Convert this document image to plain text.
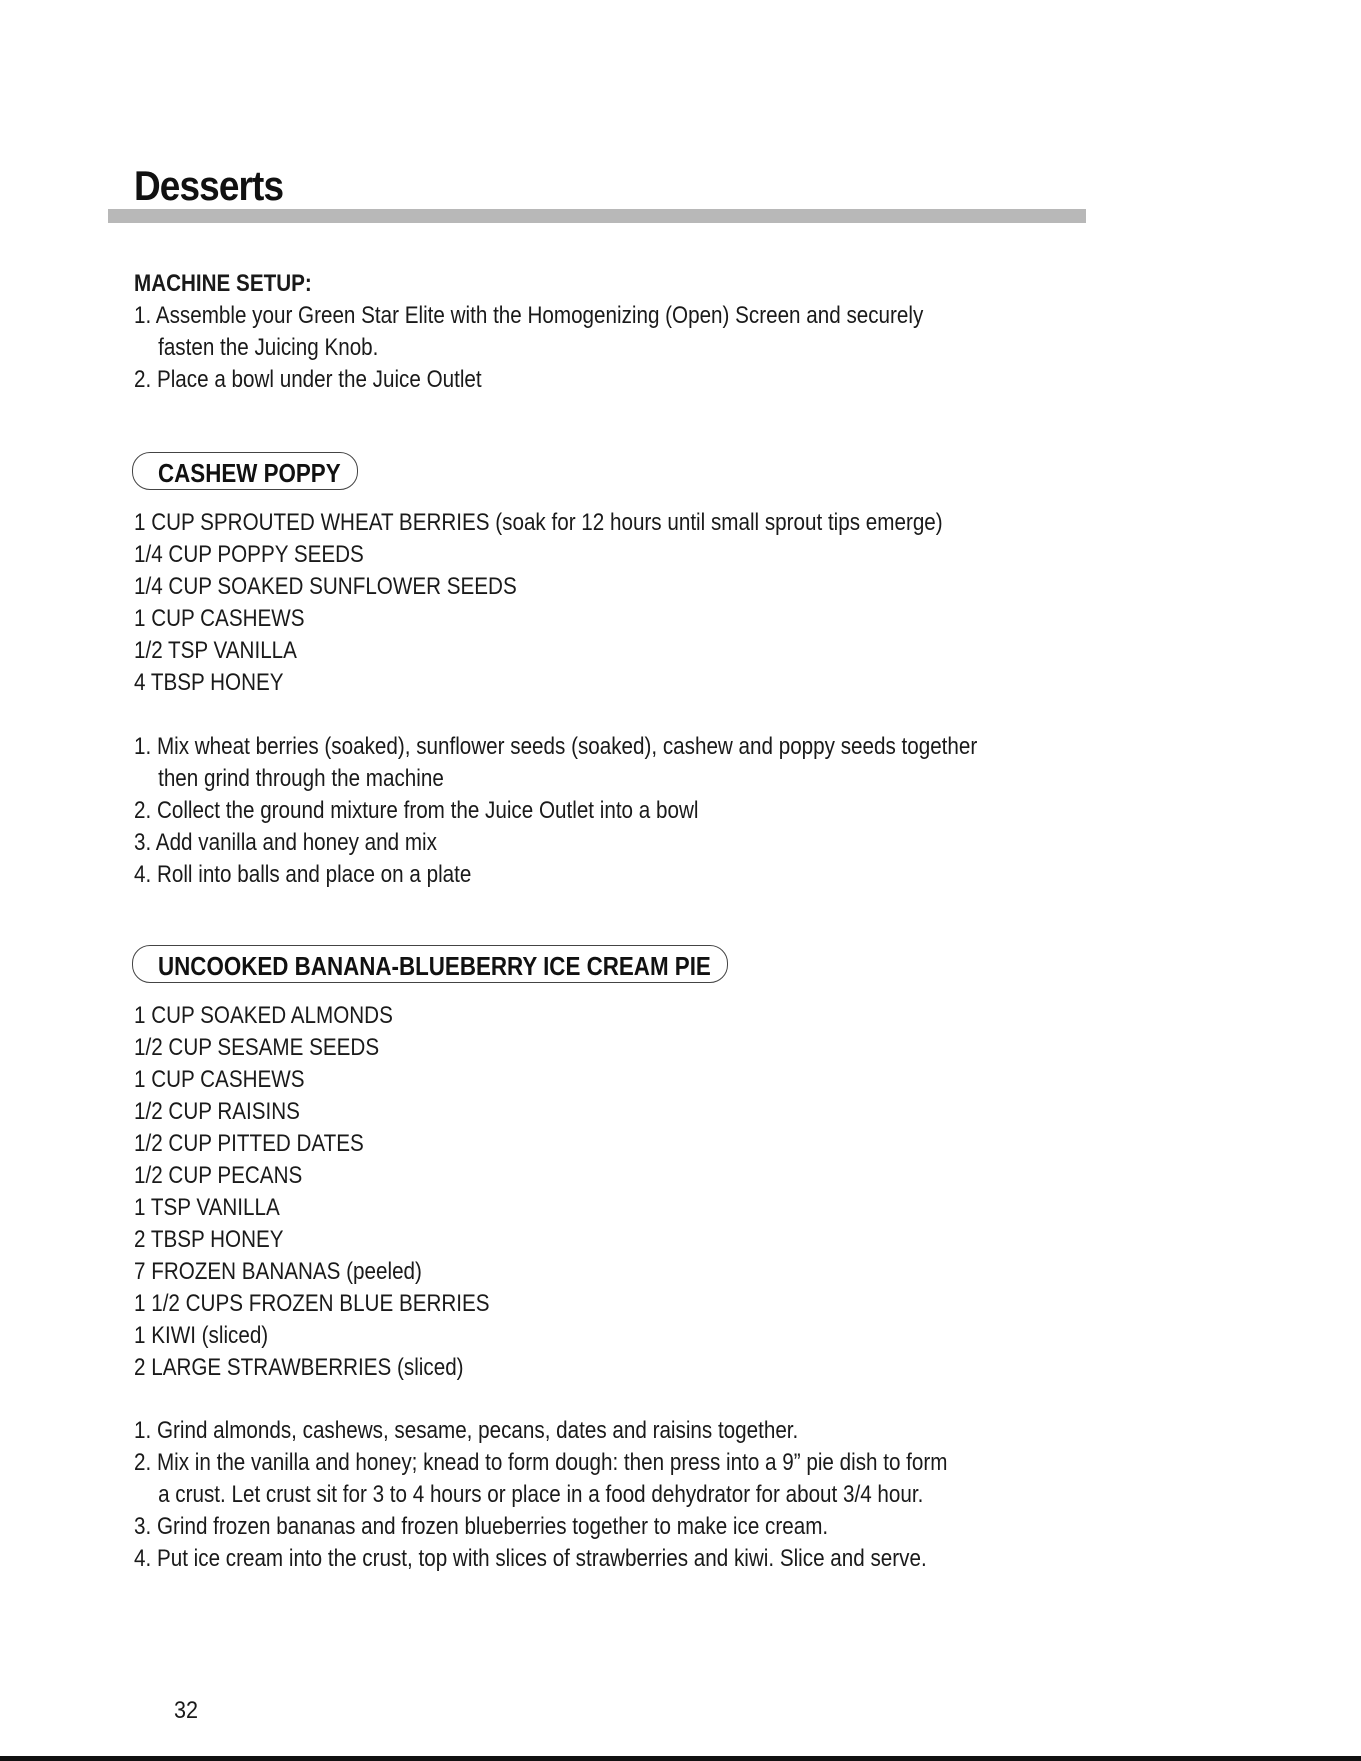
Desserts
MACHINE SETUP:
1. Assemble your Green Star Elite with the Homogenizing (Open) Screen and securely
fasten the Juicing Knob.
2. Place a bowl under the Juice Outlet
CASHEW POPPY
1 CUP SPROUTED WHEAT BERRIES (soak for 12 hours until small sprout tips emerge)
1/4 CUP POPPY SEEDS
1/4 CUP SOAKED SUNFLOWER SEEDS
1 CUP CASHEWS
1/2 TSP VANILLA
4 TBSP HONEY
1. Mix wheat berries (soaked), sunflower seeds (soaked), cashew and poppy seeds together
then grind through the machine
2. Collect the ground mixture from the Juice Outlet into a bowl
3. Add vanilla and honey and mix
4. Roll into balls and place on a plate
UNCOOKED BANANA-BLUEBERRY ICE CREAM PIE
1 CUP SOAKED ALMONDS
1/2 CUP SESAME SEEDS
1 CUP CASHEWS
1/2 CUP RAISINS
1/2 CUP PITTED DATES
1/2 CUP PECANS
1 TSP VANILLA
2 TBSP HONEY
7 FROZEN BANANAS (peeled)
1 1/2 CUPS FROZEN BLUE BERRIES
1 KIWI (sliced)
2 LARGE STRAWBERRIES (sliced)
1. Grind almonds, cashews, sesame, pecans, dates and raisins together.
2. Mix in the vanilla and honey; knead to form dough: then press into a 9” pie dish to form
a crust. Let crust sit for 3 to 4 hours or place in a food dehydrator for about 3/4 hour.
3. Grind frozen bananas and frozen blueberries together to make ice cream.
4. Put ice cream into the crust, top with slices of strawberries and kiwi. Slice and serve.
32
